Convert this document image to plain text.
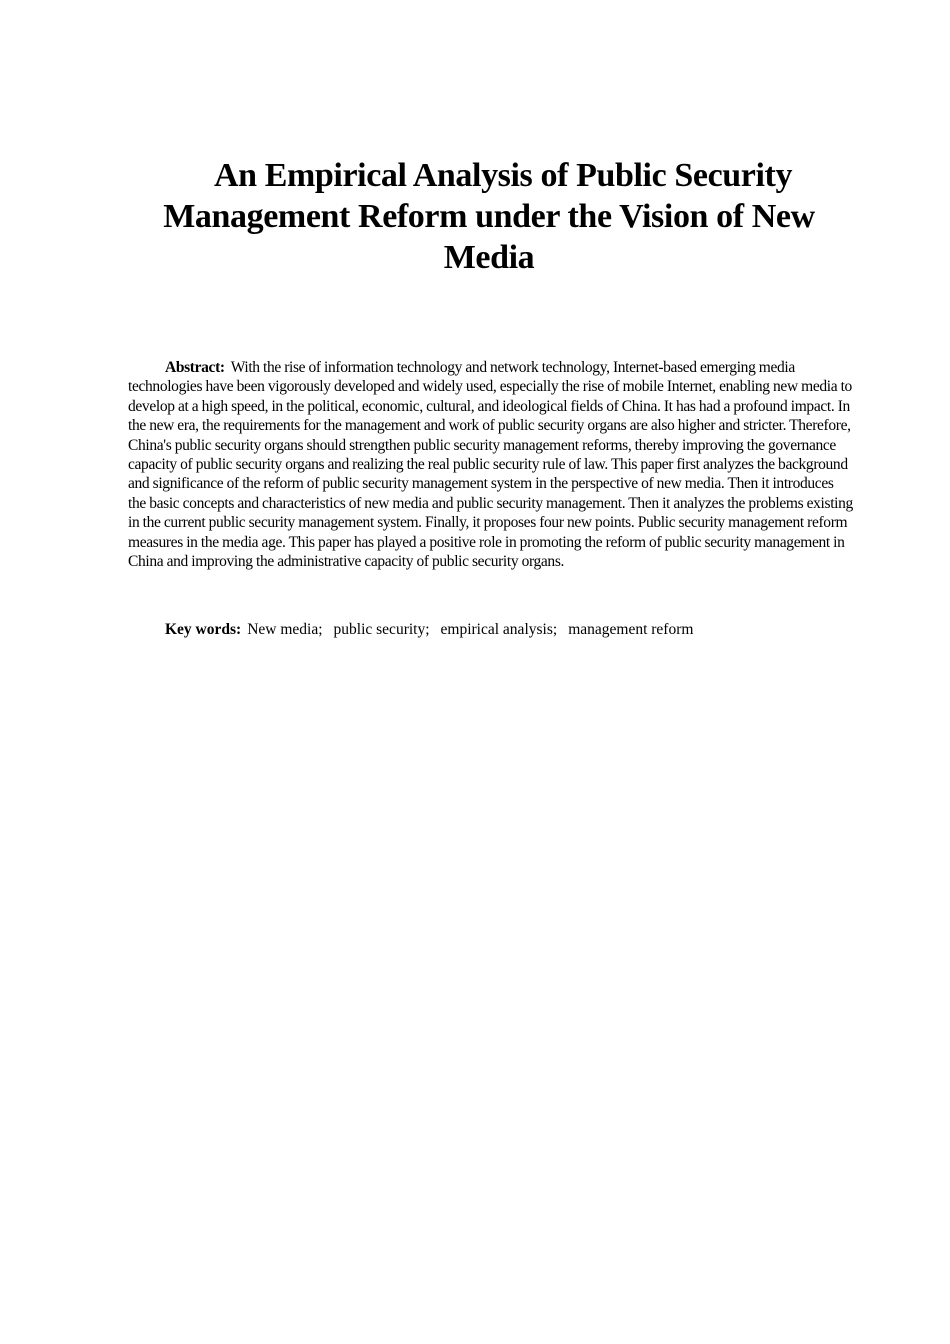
An Empirical Analysis of Public Security Management Reform under the Vision of New Media

Abstract: With the rise of information technology and network technology, Internet-based emerging media technologies have been vigorously developed and widely used, especially the rise of mobile Internet, enabling new media to develop at a high speed, in the political, economic, cultural, and ideological fields of China. It has had a profound impact. In the new era, the requirements for the management and work of public security organs are also higher and stricter. Therefore, China's public security organs should strengthen public security management reforms, thereby improving the governance capacity of public security organs and realizing the real public security rule of law. This paper first analyzes the background and significance of the reform of public security management system in the perspective of new media. Then it introduces the basic concepts and characteristics of new media and public security management. Then it analyzes the problems existing in the current public security management system. Finally, it proposes four new points. Public security management reform measures in the media age. This paper has played a positive role in promoting the reform of public security management in China and improving the administrative capacity of public security organs.

Key words: New media; public security; empirical analysis; management reform
